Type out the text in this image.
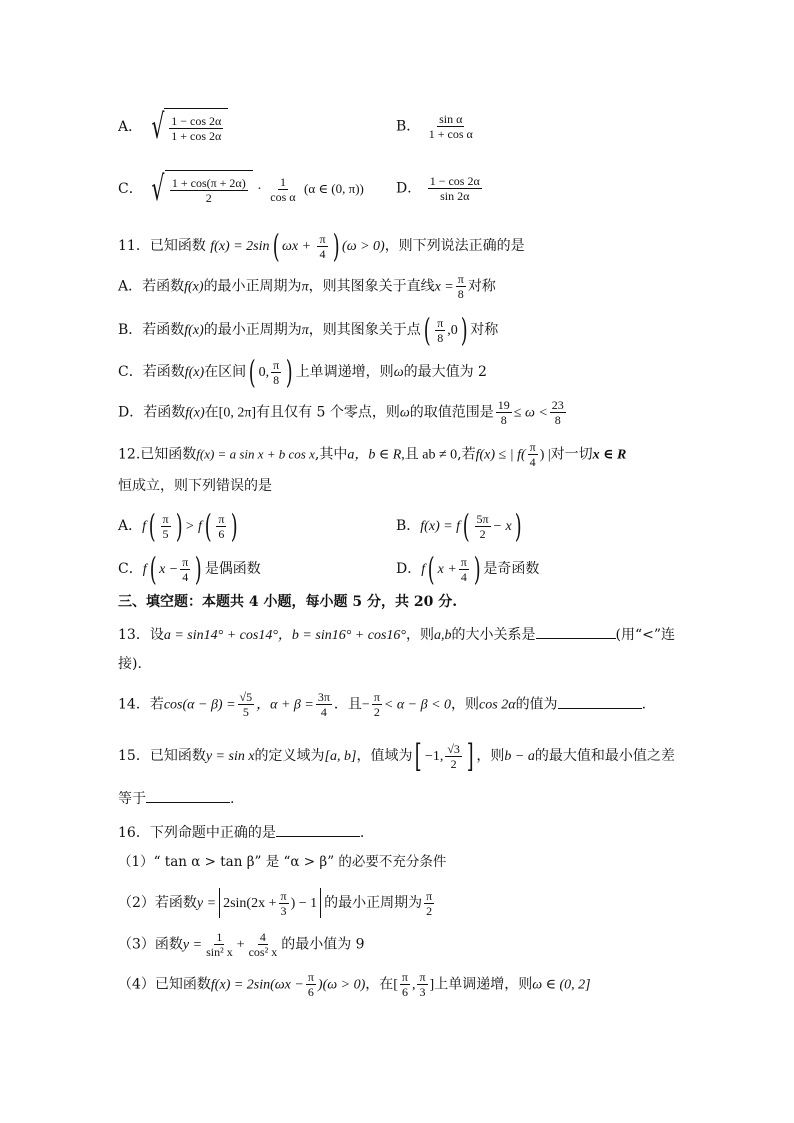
A． √ $\frac{1 - \cos 2\alpha}{1 + \cos 2\alpha}$	B． $\frac{\text{sin α}}{\text{1 + cos α}}$
C． √ $\frac{1 + \cos(\pi + 2\alpha)}{2} \cdot \frac{1}{\text{cos α}} (\alpha$ ∈ (0, π)) D． $\frac{1 - \cos 2\alpha}{\sin 2\alpha}$
11．已知函数 f(x) = 2sin( $\omega x + \frac{\pi}{4}$ ) (ω > 0)，则下列说法正确的是
A．若函数f(x)的最小正周期为π，则其图象关于直线$x = \frac{\pi}{8}$ 对称
B．若函数f(x)的最小正周期为π，则其图象关于点( $\frac{\pi}{8} ,0$) 对称
C．若函数f(x)在区间( 0, $\frac{\pi}{8}$ ) 上单调递增，则ω的最大值为 2
D．若函数f(x)在[0, 2π]有且仅有 5 个零点，则ω的取值范围是 $\frac{19}{8} \le \omega < \frac{23}{8}$
12.已知函数f(x) = a sin x + b cos x,其中a，b ∈ R,且 ab ≠ 0,若f(x) ≤ | $f( \frac{\pi}{4}$ ) |对一切x ∈ R
恒成立，则下列错误的是
A．$f( \frac{\pi}{5}$ ) > $f( \frac{\pi}{6}$ )	B．$f(x) = f( \frac{5\pi}{2} - x)$
C．f( $x - \frac{\pi}{4}$ ) 是偶函数	D．f( $x + \frac{\pi}{4}$ ) 是奇函数
三、填空题：本题共 4 小题，每小题 5 分，共 20 分.
13．设a = sin14° + cos14°，b = sin16° + cos16°，则a,b的大小关系是	(用“<”连
接).
14．若$\cos(\alpha - \beta) = \frac{√5}{5}$ ，$\alpha + \beta = \frac{3\pi}{4}$ ．且− $\frac{\pi}{2} < \alpha - \beta < 0$，则cos 2α的值为	.
15．已知函数y = sin x的定义域为[a, b]，值域为[ −1, $\frac{√3}{2}$ ] ，则b − a的最大值和最小值之差
等于	.
16．下列命题中正确的是	.
（1）“ tan α > tan β” 是 “α > β” 的必要不充分条件
（2）若函数$y = 2\sin(2x + \frac{\pi}{3}$ ) − 1 的最小正周期为 $\frac{\pi}{2}$
（3）函数$y = \frac{1}{\text{sin² x}} + \frac{4}{\text{cos² x}}$ 的最小值为 9
（4）已知函数$f(x) = 2\sin(\omega x - \frac{\pi}{6} )(\omega > 0)$，在[ $\frac{\pi}{6}$ , $\frac{\pi}{3}$ ]上单调递增，则ω ∈ (0, 2]
